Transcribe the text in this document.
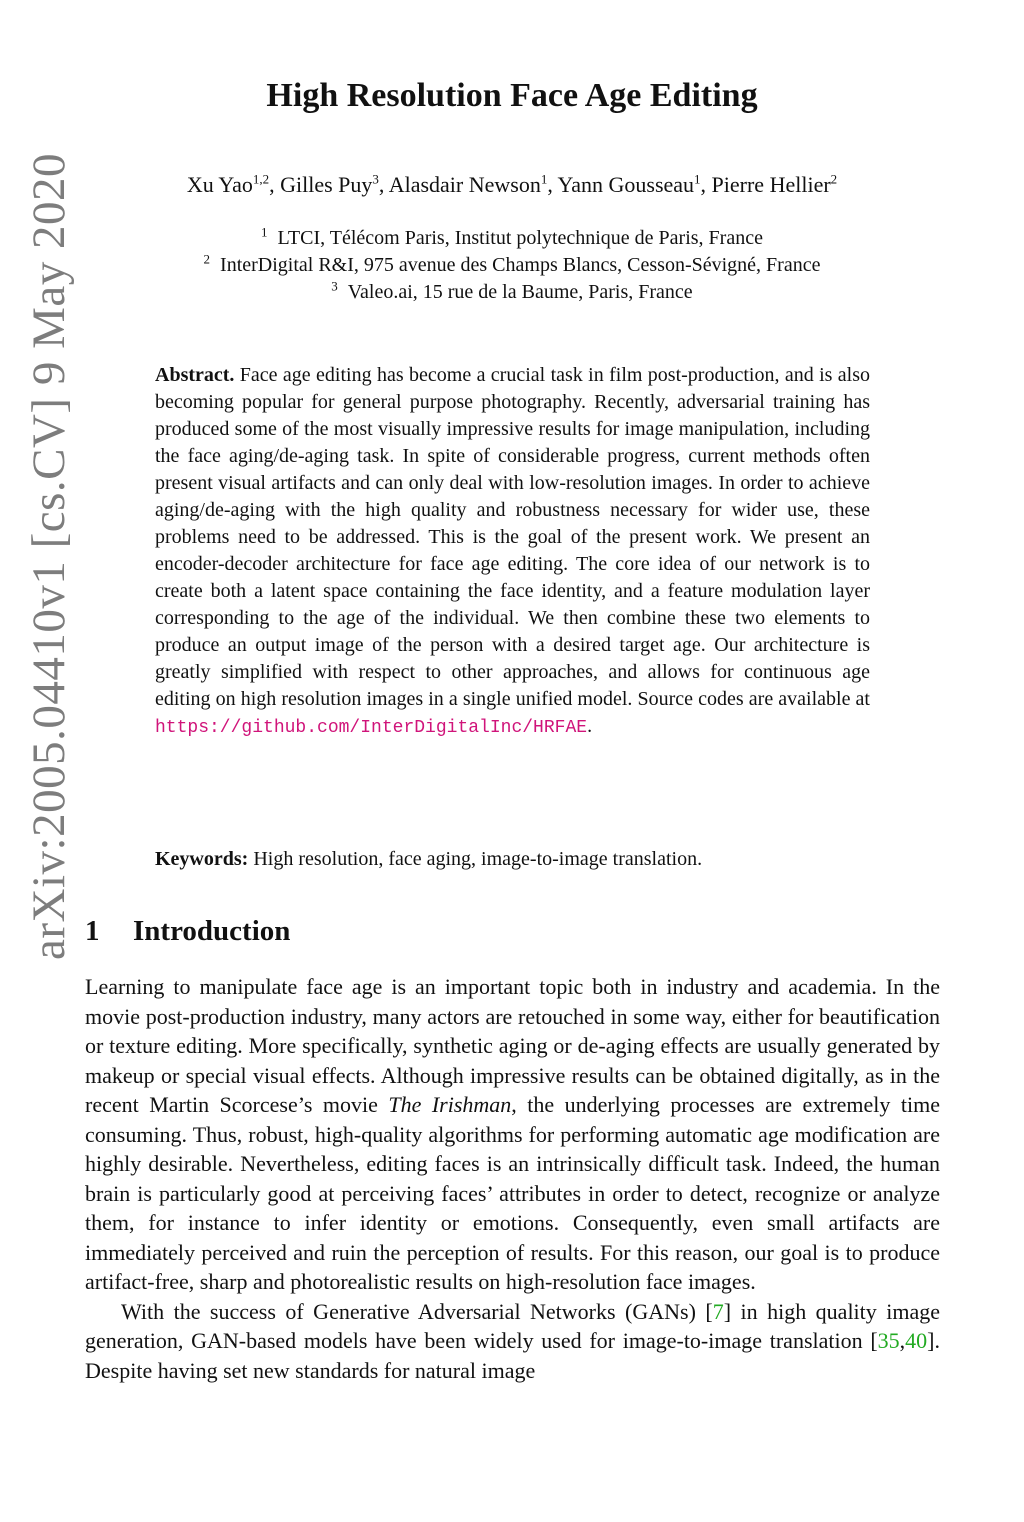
arXiv:2005.04410v1 [cs.CV] 9 May 2020
High Resolution Face Age Editing
Xu Yao$^{1,2}$, Gilles Puy$^3$, Alasdair Newson$^1$, Yann Gousseau$^1$, Pierre Hellier$^2$
$^1$ LTCI, Télécom Paris, Institut polytechnique de Paris, France
$^2$ InterDigital R&I, 975 avenue des Champs Blancs, Cesson-Sévigné, France
$^3$ Valeo.ai, 15 rue de la Baume, Paris, France
Abstract. Face age editing has become a crucial task in film post-production, and is also becoming popular for general purpose photography. Recently, adversarial training has produced some of the most visually impressive results for image manipulation, including the face aging/de-aging task. In spite of considerable progress, current methods often present visual artifacts and can only deal with low-resolution images. In order to achieve aging/de-aging with the high quality and robustness necessary for wider use, these problems need to be addressed. This is the goal of the present work. We present an encoder-decoder architecture for face age editing. The core idea of our network is to create both a latent space containing the face identity, and a feature modulation layer corresponding to the age of the individual. We then combine these two elements to produce an output image of the person with a desired target age. Our architecture is greatly simplified with respect to other approaches, and allows for continuous age editing on high resolution images in a single unified model. Source codes are available at https://github.com/InterDigitalInc/HRFAE.
Keywords: High resolution, face aging, image-to-image translation.
1 Introduction

Learning to manipulate face age is an important topic both in industry and academia. In the movie post-production industry, many actors are retouched in some way, either for beautification or texture editing. More specifically, synthetic aging or de-aging effects are usually generated by makeup or special visual effects. Although impressive results can be obtained digitally, as in the recent Martin Scorcese’s movie The Irishman, the underlying processes are extremely time consuming. Thus, robust, high-quality algorithms for performing automatic age modification are highly desirable. Nevertheless, editing faces is an intrinsically difficult task. Indeed, the human brain is particularly good at perceiving faces’ attributes in order to detect, recognize or analyze them, for instance to infer identity or emotions. Consequently, even small artifacts are immediately perceived and ruin the perception of results. For this reason, our goal is to produce artifact-free, sharp and photorealistic results on high-resolution face images.

With the success of Generative Adversarial Networks (GANs) [7] in high quality image generation, GAN-based models have been widely used for image-to-image translation [35,40]. Despite having set new standards for natural image
